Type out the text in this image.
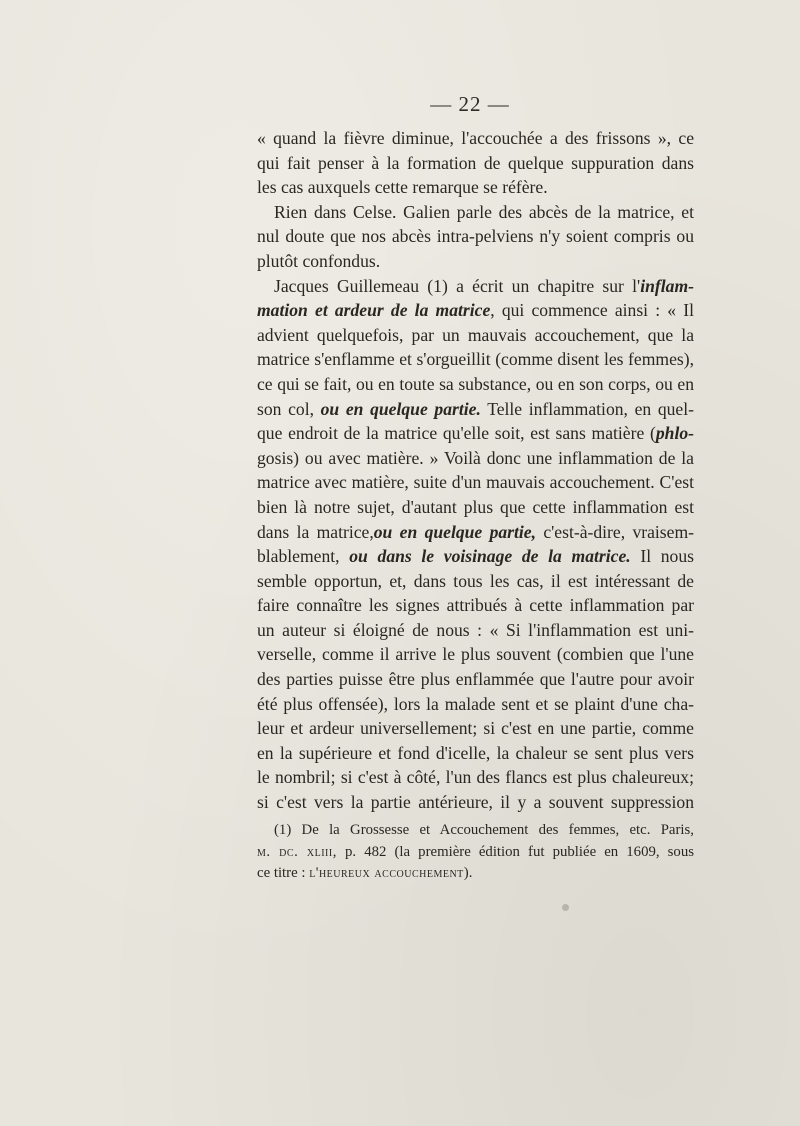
— 22 —
« quand la fièvre diminue, l'accouchée a des frissons », ce
qui fait penser à la formation de quelque suppuration dans
les cas auxquels cette remarque se réfère.
Rien dans Celse. Galien parle des abcès de la matrice, et
nul doute que nos abcès intra-pelviens n'y soient compris ou
plutôt confondus.
Jacques Guillemeau (1) a écrit un chapitre sur l'inflam-
mation et ardeur de la matrice, qui commence ainsi : « Il
advient quelquefois, par un mauvais accouchement, que la
matrice s'enflamme et s'orgueillit (comme disent les femmes),
ce qui se fait, ou en toute sa substance, ou en son corps, ou en
son col, ou en quelque partie. Telle inflammation, en quel-
que endroit de la matrice qu'elle soit, est sans matière (phlo-
gosis) ou avec matière. » Voilà donc une inflammation de la
matrice avec matière, suite d'un mauvais accouchement. C'est
bien là notre sujet, d'autant plus que cette inflammation est
dans la matrice,ou en quelque partie, c'est-à-dire, vraisem-
blablement, ou dans le voisinage de la matrice. Il nous
semble opportun, et, dans tous les cas, il est intéressant de
faire connaître les signes attribués à cette inflammation par
un auteur si éloigné de nous : « Si l'inflammation est uni-
verselle, comme il arrive le plus souvent (combien que l'une
des parties puisse être plus enflammée que l'autre pour avoir
été plus offensée), lors la malade sent et se plaint d'une cha-
leur et ardeur universellement; si c'est en une partie, comme
en la supérieure et fond d'icelle, la chaleur se sent plus vers
le nombril; si c'est à côté, l'un des flancs est plus chaleureux;
si c'est vers la partie antérieure, il y a souvent suppression
(1) De la Grossesse et Accouchement des femmes, etc. Paris,
m. dc. xliii, p. 482 (la première édition fut publiée en 1609, sous
ce titre : l'heureux accouchement).
